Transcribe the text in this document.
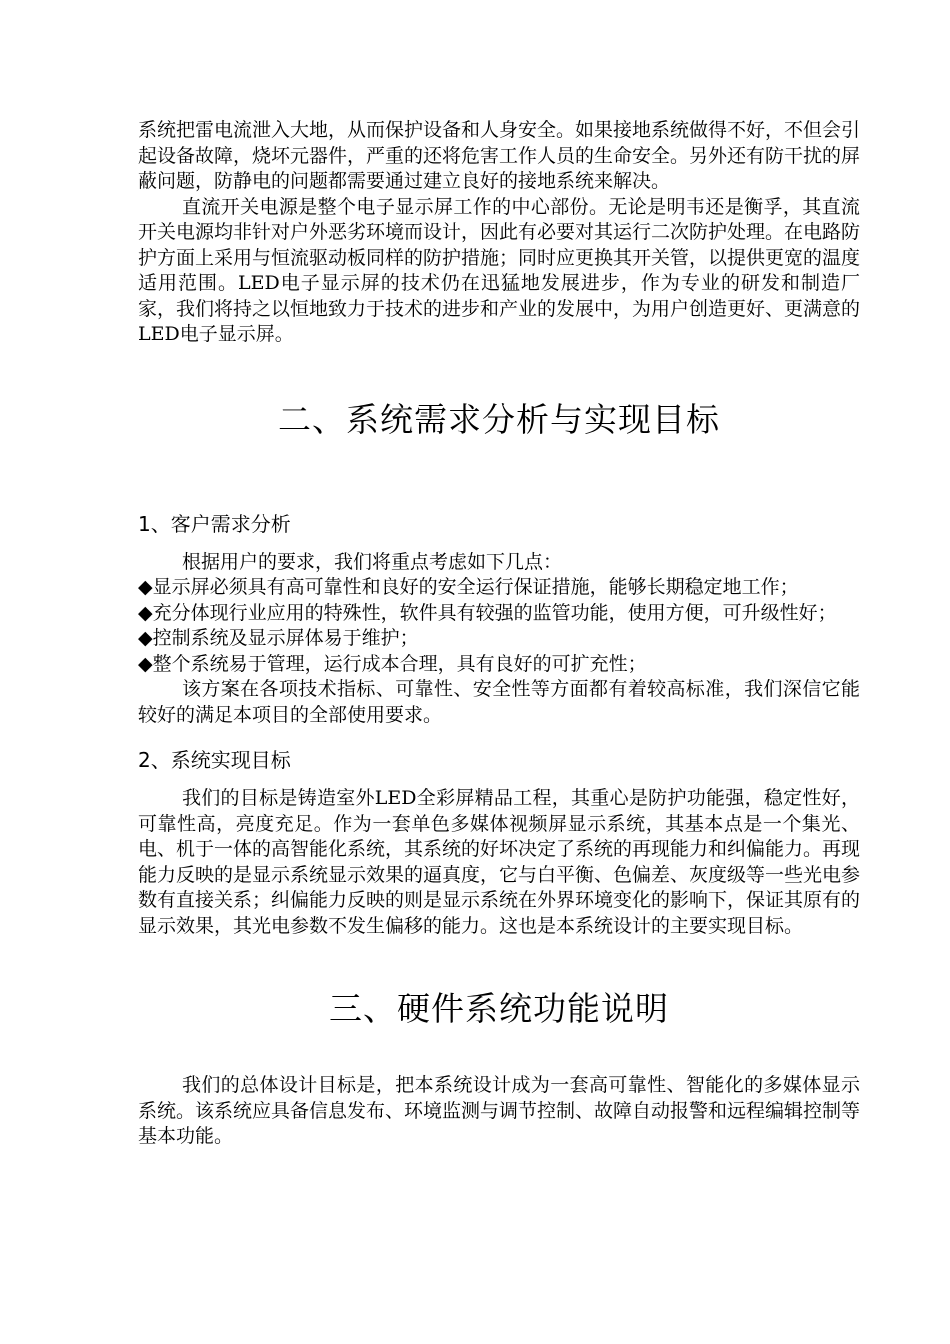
系统把雷电流泄入大地，从而保护设备和人身安全。如果接地系统做得不好，不但会引起设备故障，烧坏元器件，严重的还将危害工作人员的生命安全。另外还有防干扰的屏蔽问题，防静电的问题都需要通过建立良好的接地系统来解决。

直流开关电源是整个电子显示屏工作的中心部份。无论是明韦还是衡孚，其直流开关电源均非针对户外恶劣环境而设计，因此有必要对其运行二次防护处理。在电路防护方面上采用与恒流驱动板同样的防护措施；同时应更换其开关管，以提供更宽的温度适用范围。LED电子显示屏的技术仍在迅猛地发展进步，作为专业的研发和制造厂家，我们将持之以恒地致力于技术的进步和产业的发展中，为用户创造更好、更满意的LED电子显示屏。

二、系统需求分析与实现目标
1、客户需求分析

根据用户的要求，我们将重点考虑如下几点：

◆显示屏必须具有高可靠性和良好的安全运行保证措施，能够长期稳定地工作；
◆充分体现行业应用的特殊性，软件具有较强的监管功能，使用方便，可升级性好；
◆控制系统及显示屏体易于维护；
◆整个系统易于管理，运行成本合理，具有良好的可扩充性；

该方案在各项技术指标、可靠性、安全性等方面都有着较高标准，我们深信它能较好的满足本项目的全部使用要求。

2、系统实现目标

我们的目标是铸造室外LED全彩屏精品工程，其重心是防护功能强，稳定性好，可靠性高，亮度充足。作为一套单色多媒体视频屏显示系统，其基本点是一个集光、电、机于一体的高智能化系统，其系统的好坏决定了系统的再现能力和纠偏能力。再现能力反映的是显示系统显示效果的逼真度，它与白平衡、色偏差、灰度级等一些光电参数有直接关系；纠偏能力反映的则是显示系统在外界环境变化的影响下，保证其原有的显示效果，其光电参数不发生偏移的能力。这也是本系统设计的主要实现目标。

三、硬件系统功能说明

我们的总体设计目标是，把本系统设计成为一套高可靠性、智能化的多媒体显示系统。该系统应具备信息发布、环境监测与调节控制、故障自动报警和远程编辑控制等基本功能。
